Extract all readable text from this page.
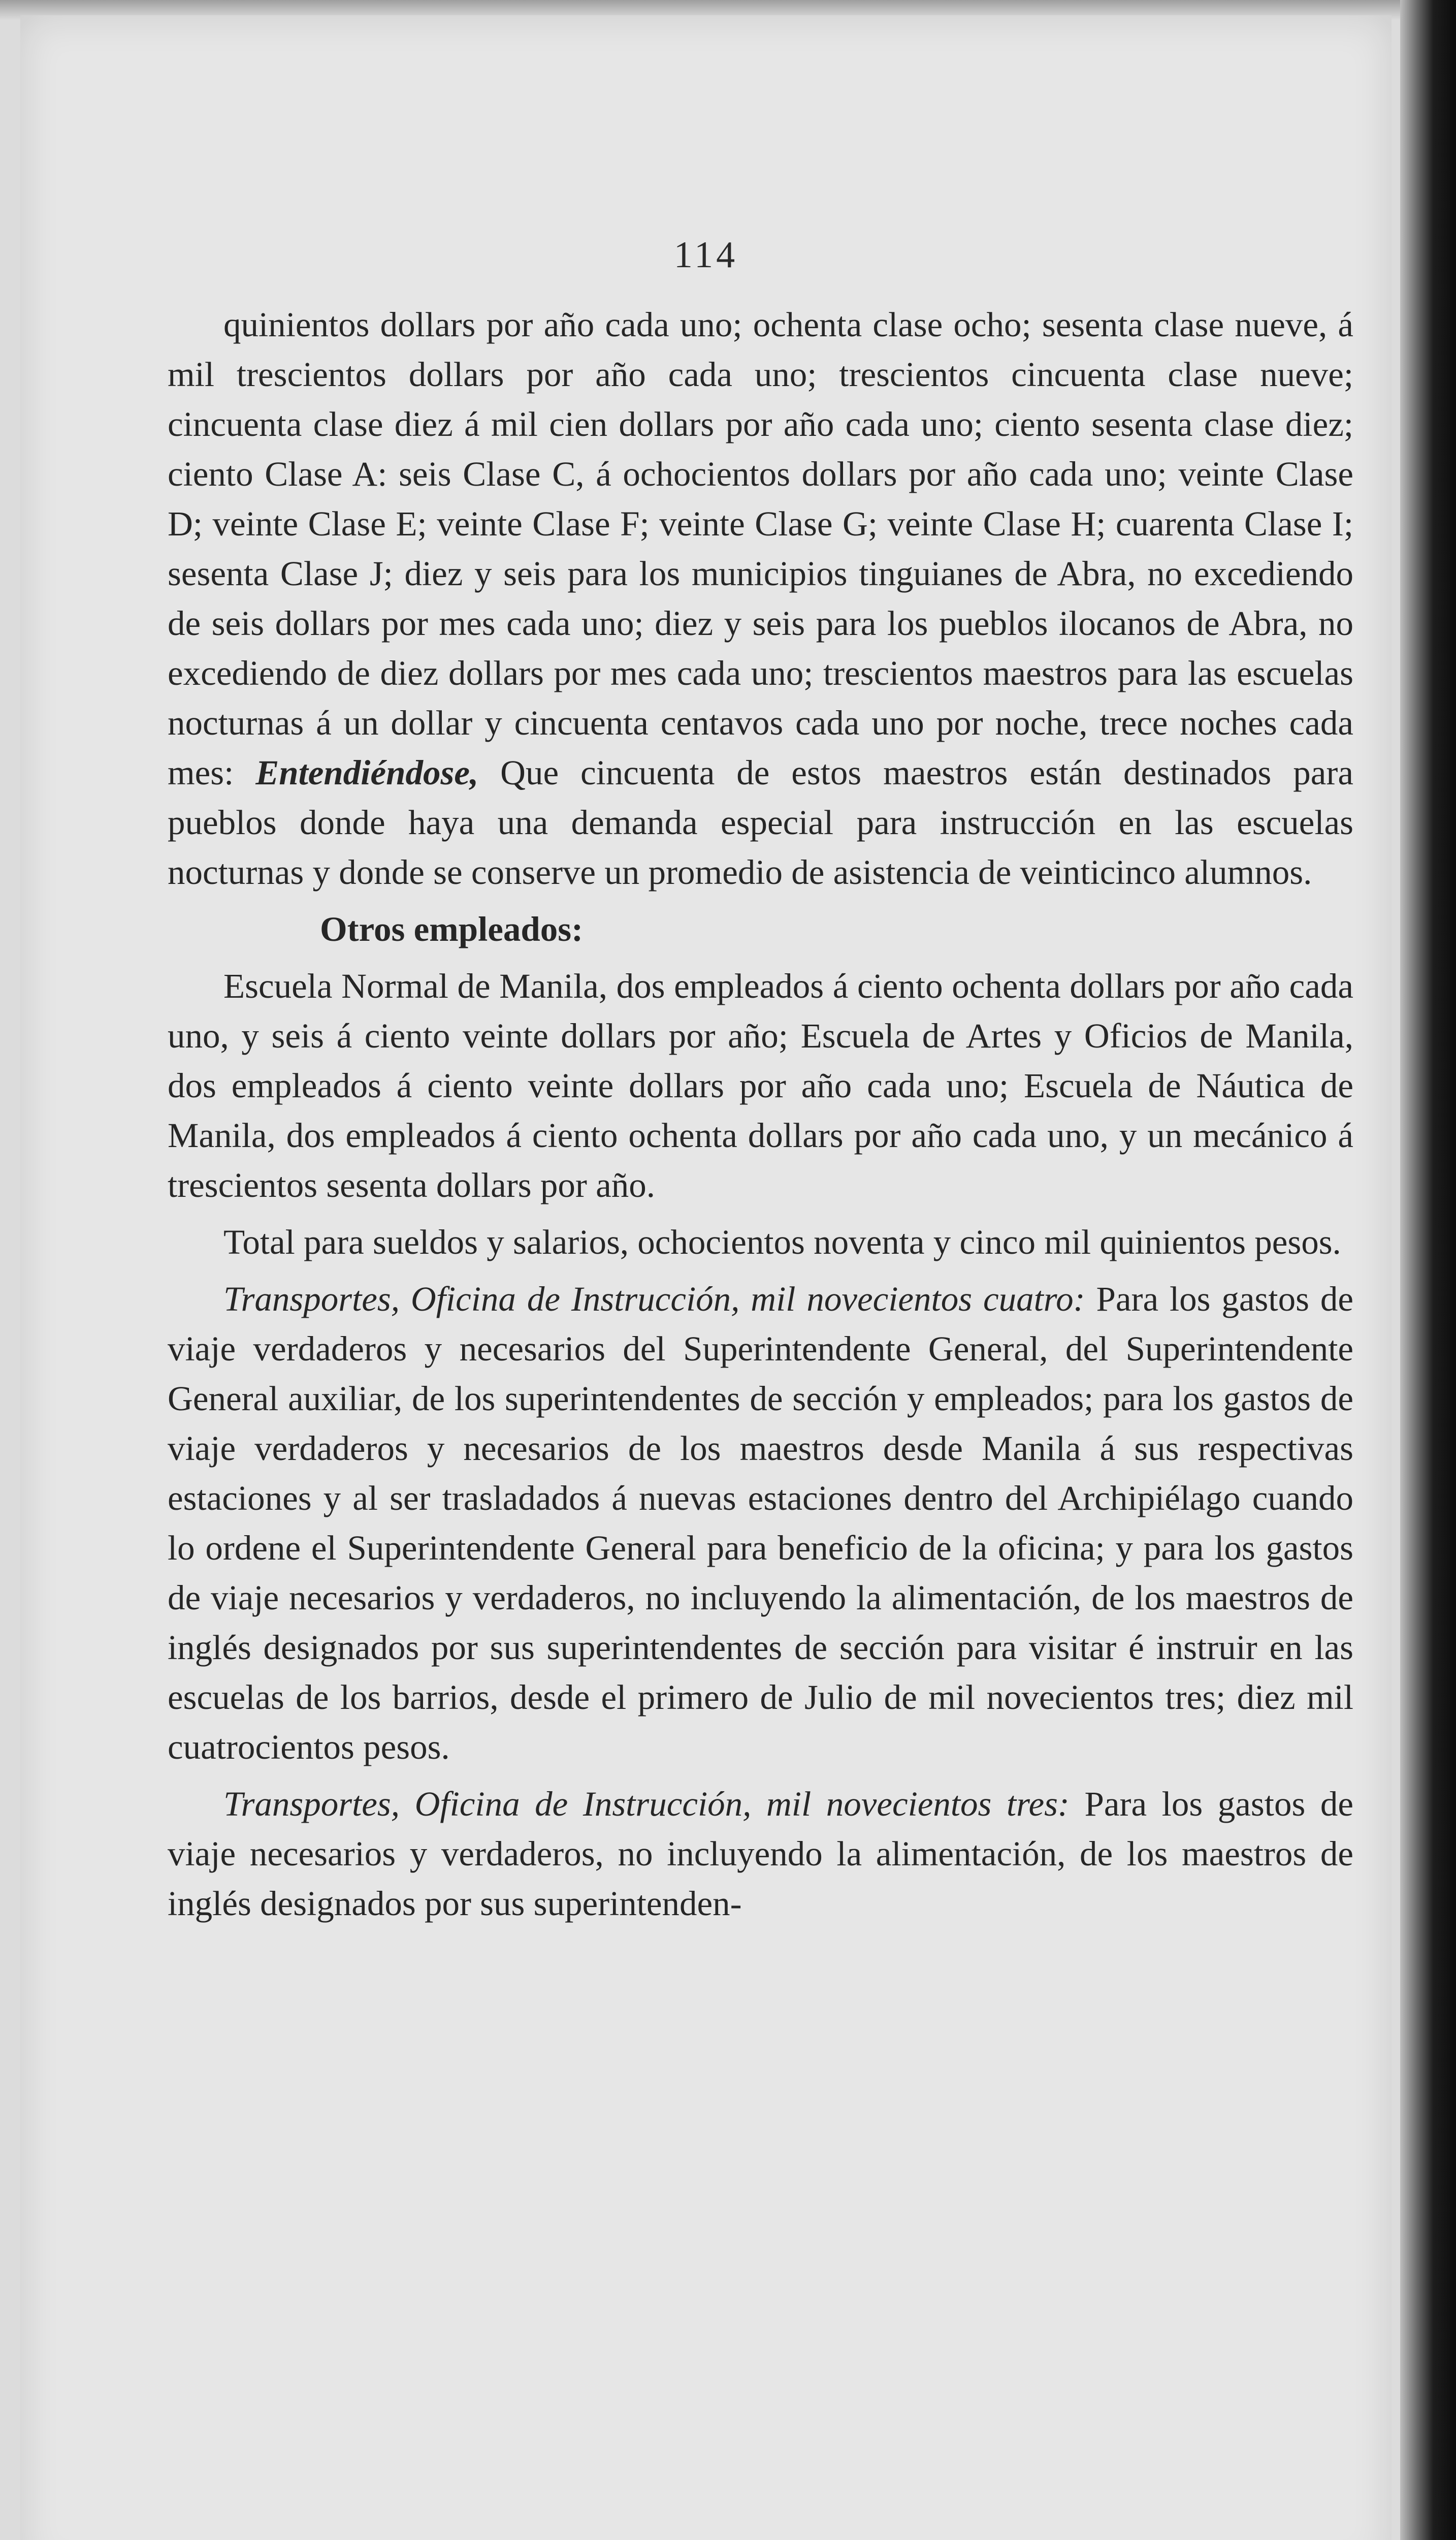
114

quinientos dollars por año cada uno; ochenta clase ocho; sesenta clase nueve, á mil trescientos dollars por año cada uno; trescientos cincuenta clase nueve; cincuenta clase diez á mil cien dollars por año cada uno; ciento sesenta clase diez; ciento Clase A: seis Clase C, á ochocientos dollars por año cada uno; veinte Clase D; veinte Clase E; veinte Clase F; veinte Clase G; veinte Clase H; cuarenta Clase I; sesenta Clase J; diez y seis para los municipios tinguianes de Abra, no excediendo de seis dollars por mes cada uno; diez y seis para los pueblos ilocanos de Abra, no excediendo de diez dollars por mes cada uno; trescientos maestros para las escuelas nocturnas á un dollar y cincuenta centavos cada uno por noche, trece noches cada mes: Entendiéndose, Que cincuenta de estos maestros están destinados para pueblos donde haya una demanda especial para instrucción en las escuelas nocturnas y donde se conserve un promedio de asistencia de veinticinco alumnos.

Otros empleados:

Escuela Normal de Manila, dos empleados á ciento ochenta dollars por año cada uno, y seis á ciento veinte dollars por año; Escuela de Artes y Oficios de Manila, dos empleados á ciento veinte dollars por año cada uno; Escuela de Náutica de Manila, dos empleados á ciento ochenta dollars por año cada uno, y un mecánico á trescientos sesenta dollars por año.

Total para sueldos y salarios, ochocientos noventa y cinco mil quinientos pesos.

Transportes, Oficina de Instrucción, mil novecientos cuatro: Para los gastos de viaje verdaderos y necesarios del Superintendente General, del Superintendente General auxiliar, de los superintendentes de sección y empleados; para los gastos de viaje verdaderos y necesarios de los maestros desde Manila á sus respectivas estaciones y al ser trasladados á nuevas estaciones dentro del Archipiélago cuando lo ordene el Superintendente General para beneficio de la oficina; y para los gastos de viaje necesarios y verdaderos, no incluyendo la alimentación, de los maestros de inglés designados por sus superintendentes de sección para visitar é instruir en las escuelas de los barrios, desde el primero de Julio de mil novecientos tres; diez mil cuatrocientos pesos.

Transportes, Oficina de Instrucción, mil novecientos tres: Para los gastos de viaje necesarios y verdaderos, no incluyendo la alimentación, de los maestros de inglés designados por sus superintenden-
